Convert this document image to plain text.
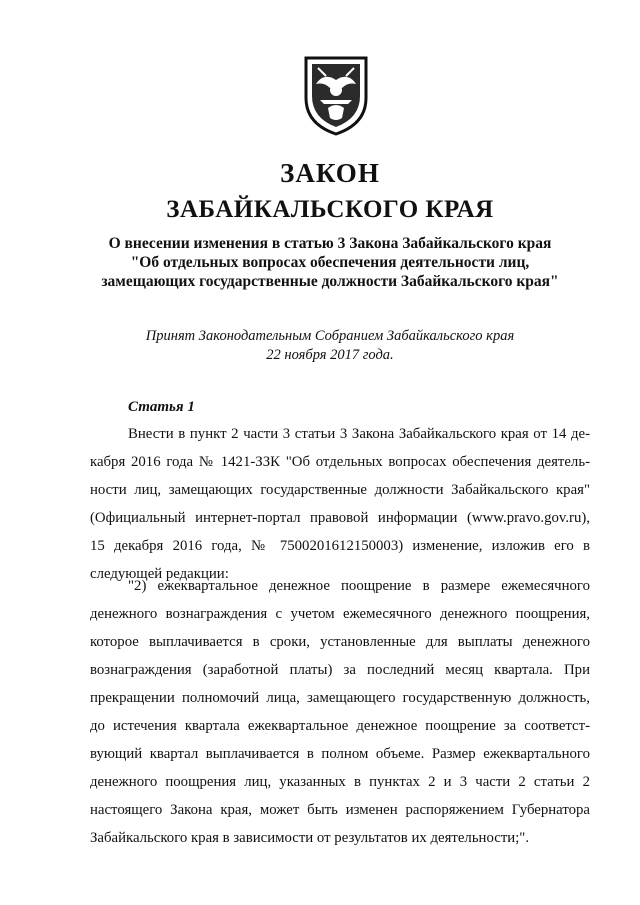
ЗАКОН
ЗАБАЙКАЛЬСКОГО КРАЯ
О внесении изменения в статью 3 Закона Забайкальского края
"Об отдельных вопросах обеспечения деятельности лиц,
замещающих государственные должности Забайкальского края"
Принят Законодательным Собранием Забайкальского края
22 ноября 2017 года.
Статья 1
Внести в пункт 2 части 3 статьи 3 Закона Забайкальского края от 14 де-
кабря 2016 года № 1421-ЗЗК "Об отдельных вопросах обеспечения деятель-
ности лиц, замещающих государственные должности Забайкальского края"
(Официальный интернет-портал правовой информации (www.pravo.gov.ru),
15 декабря 2016 года, № 7500201612150003) изменение, изложив его в
следующей редакции:
"2) ежеквартальное денежное поощрение в размере ежемесячного
денежного вознаграждения с учетом ежемесячного денежного поощрения,
которое выплачивается в сроки, установленные для выплаты денежного
вознаграждения (заработной платы) за последний месяц квартала. При
прекращении полномочий лица, замещающего государственную должность,
до истечения квартала ежеквартальное денежное поощрение за соответст-
вующий квартал выплачивается в полном объеме. Размер ежеквартального
денежного поощрения лиц, указанных в пунктах 2 и 3 части 2 статьи 2
настоящего Закона края, может быть изменен распоряжением Губернатора
Забайкальского края в зависимости от результатов их деятельности;".
